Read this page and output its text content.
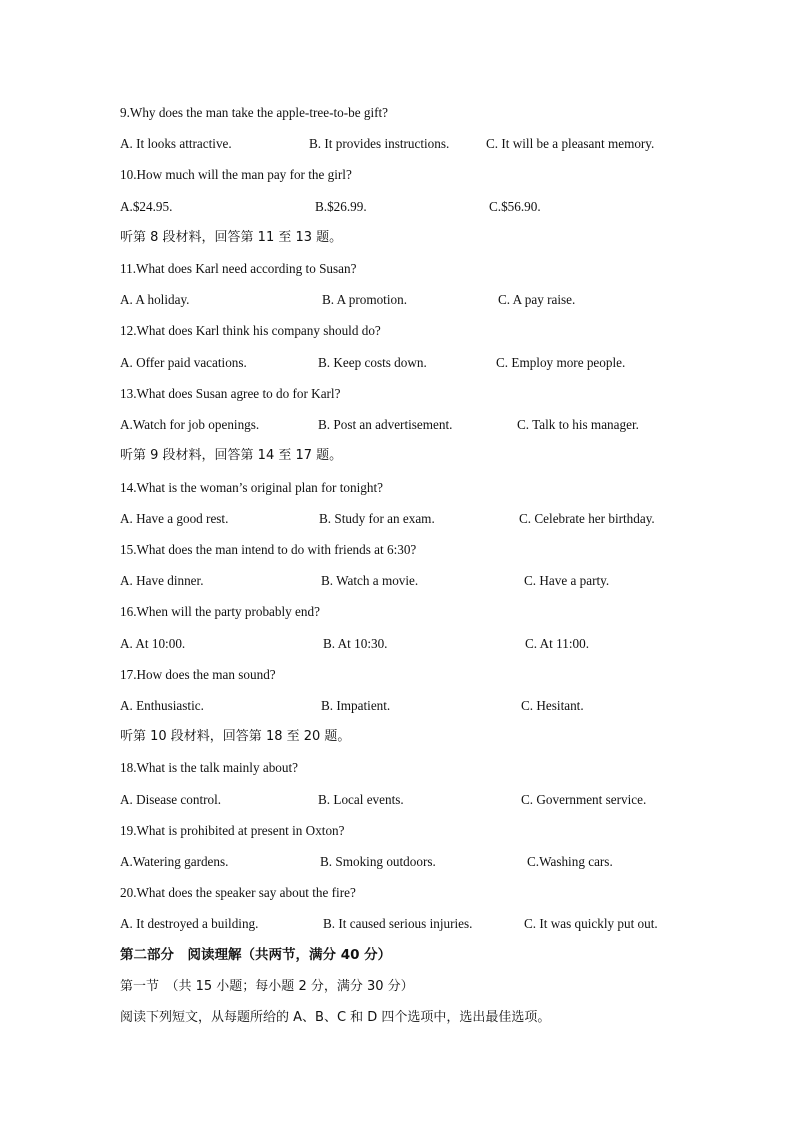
9.Why does the man take the apple-tree-to-be gift?
A. It looks attractive.	B. It provides instructions.	C. It will be a pleasant memory.
10.How much will the man pay for the girl?
A.$24.95.	B.$26.99.	C.$56.90.
听第 8 段材料，回答第 11 至 13 题。
11.What does Karl need according to Susan?
A. A holiday.	B. A promotion.	C. A pay raise.
12.What does Karl think his company should do?
A. Offer paid vacations.	B. Keep costs down.	C. Employ more people.
13.What does Susan agree to do for Karl?
A.Watch for job openings.	B. Post an advertisement.	C. Talk to his manager.
听第 9 段材料，回答第 14 至 17 题。
14.What is the woman’s original plan for tonight?
A. Have a good rest.	B. Study for an exam.	C. Celebrate her birthday.
15.What does the man intend to do with friends at 6:30?
A. Have dinner.	B. Watch a movie.	C. Have a party.
16.When will the party probably end?
A. At 10:00.	B. At 10:30.	C. At 11:00.
17.How does the man sound?
A. Enthusiastic.	B. Impatient.	C. Hesitant.
听第 10 段材料，回答第 18 至 20 题。
18.What is the talk mainly about?
A. Disease control.	B. Local events.	C. Government service.
19.What is prohibited at present in Oxton?
A.Watering gardens.	B. Smoking outdoors.	C.Washing cars.
20.What does the speaker say about the fire?
A. It destroyed a building.	B. It caused serious injuries.	C. It was quickly put out.
第二部分　阅读理解（共两节，满分 40 分）
第一节　（共 15 小题；每小题 2 分，满分 30 分）
阅读下列短文，从每题所给的 A、B、C 和 D 四个选项中，选出最佳选项。
